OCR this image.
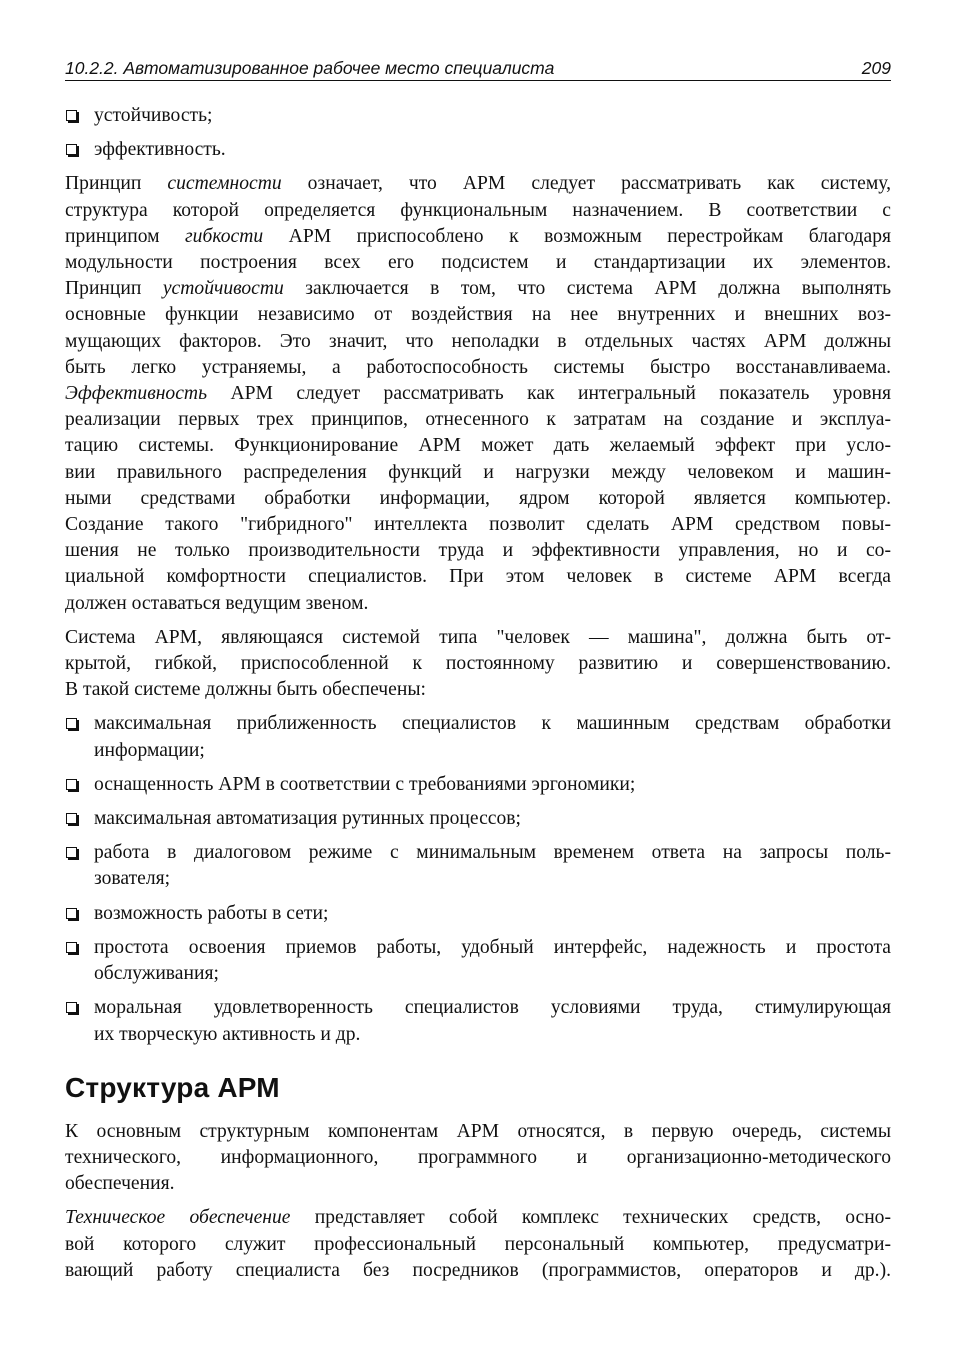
10.2.2. Автоматизированное рабочее место специалиста	209
устойчивость;
эффективность.

Принцип системности означает, что АРМ следует рассматривать как систему,
структура которой определяется функциональным назначением. В соответствии с
принципом гибкости АРМ приспособлено к возможным перестройкам благодаря
модульности построения всех его подсистем и стандартизации их элементов.
Принцип устойчивости заключается в том, что система АРМ должна выполнять
основные функции независимо от воздействия на нее внутренних и внешних воз-
мущающих факторов. Это значит, что неполадки в отдельных частях АРМ должны
быть легко устраняемы, а работоспособность системы быстро восстанавливаема.
Эффективность АРМ следует рассматривать как интегральный показатель уровня
реализации первых трех принципов, отнесенного к затратам на создание и эксплуа-
тацию системы. Функционирование АРМ может дать желаемый эффект при усло-
вии правильного распределения функций и нагрузки между человеком и машин-
ными средствами обработки информации, ядром которой является компьютер.
Создание такого "гибридного" интеллекта позволит сделать АРМ средством повы-
шения не только производительности труда и эффективности управления, но и со-
циальной комфортности специалистов. При этом человек в системе АРМ всегда
должен оставаться ведущим звеном.

Система АРМ, являющаяся системой типа "человек — машина", должна быть от-
крытой, гибкой, приспособленной к постоянному развитию и совершенствованию.
В такой системе должны быть обеспечены:

максимальная приближенность специалистов к машинным средствам обработки
информации;
оснащенность АРМ в соответствии с требованиями эргономики;
максимальная автоматизация рутинных процессов;
работа в диалоговом режиме с минимальным временем ответа на запросы поль-
зователя;
возможность работы в сети;
простота освоения приемов работы, удобный интерфейс, надежность и простота
обслуживания;
моральная удовлетворенность специалистов условиями труда, стимулирующая
их творческую активность и др.
Структура АРМ

К основным структурным компонентам АРМ относятся, в первую очередь, системы
технического, информационного, программного и организационно-методического
обеспечения.

Техническое обеспечение представляет собой комплекс технических средств, осно-
вой которого служит профессиональный персональный компьютер, предусматри-
вающий работу специалиста без посредников (программистов, операторов и др.).
